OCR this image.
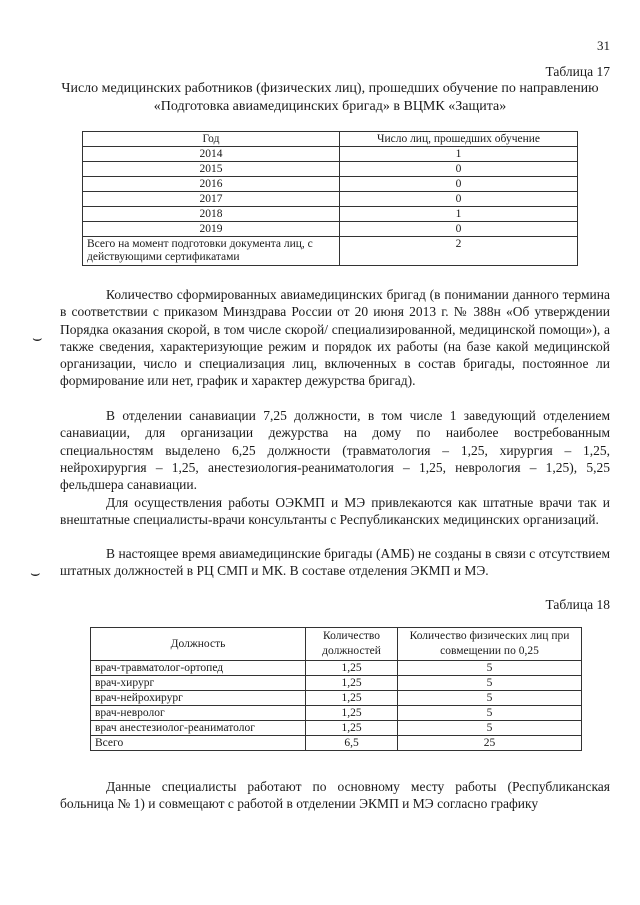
31
Таблица 17
Число медицинских работников (физических лиц), прошедших обучение по направлению «Подготовка авиамедицинских бригад» в ВЦМК «Защита»
Год	Число лиц, прошедших обучение
2014	1
2015	0
2016	0
2017	0
2018	1
2019	0
Всего на момент подготовки документа лиц, с действующими сертификатами	2

Количество сформированных авиамедицинских бригад (в понимании данного термина в соответствии с приказом Минздрава России от 20 июня 2013 г. № 388н «Об утверждении Порядка оказания скорой, в том числе скорой/ специализированной, медицинской помощи»), а также сведения, характеризующие режим и порядок их работы (на базе какой медицинской организации, число и специализация лиц, включенных в состав бригады, постоянное ли формирование или нет, график и характер дежурства бригад).

В отделении санавиации 7,25 должности, в том числе 1 заведующий отделением санавиации, для организации дежурства на дому по наиболее востребованным специальностям выделено 6,25 должности (травматология – 1,25, хирургия – 1,25, нейрохирургия – 1,25, анестезиология-реаниматология – 1,25, неврология – 1,25), 5,25 фельдшера санавиации.

Для осуществления работы ОЭКМП и МЭ привлекаются как штатные врачи так и внештатные специалисты-врачи консультанты с Республиканских медицинских организаций.

В настоящее время авиамедицинские бригады (АМБ) не созданы в связи с отсутствием штатных должностей в РЦ СМП и МК. В составе отделения ЭКМП и МЭ.

⌣
⌣
Таблица 18
Должность	Количество должностей	Количество физических лиц при совмещении по 0,25
врач-травматолог-ортопед	1,25	5
врач-хирург	1,25	5
врач-нейрохирург	1,25	5
врач-невролог	1,25	5
врач анестезиолог-реаниматолог	1,25	5
Всего	6,5	25

Данные специалисты работают по основному месту работы (Республиканская больница № 1) и совмещают с работой в отделении ЭКМП и МЭ согласно графику
